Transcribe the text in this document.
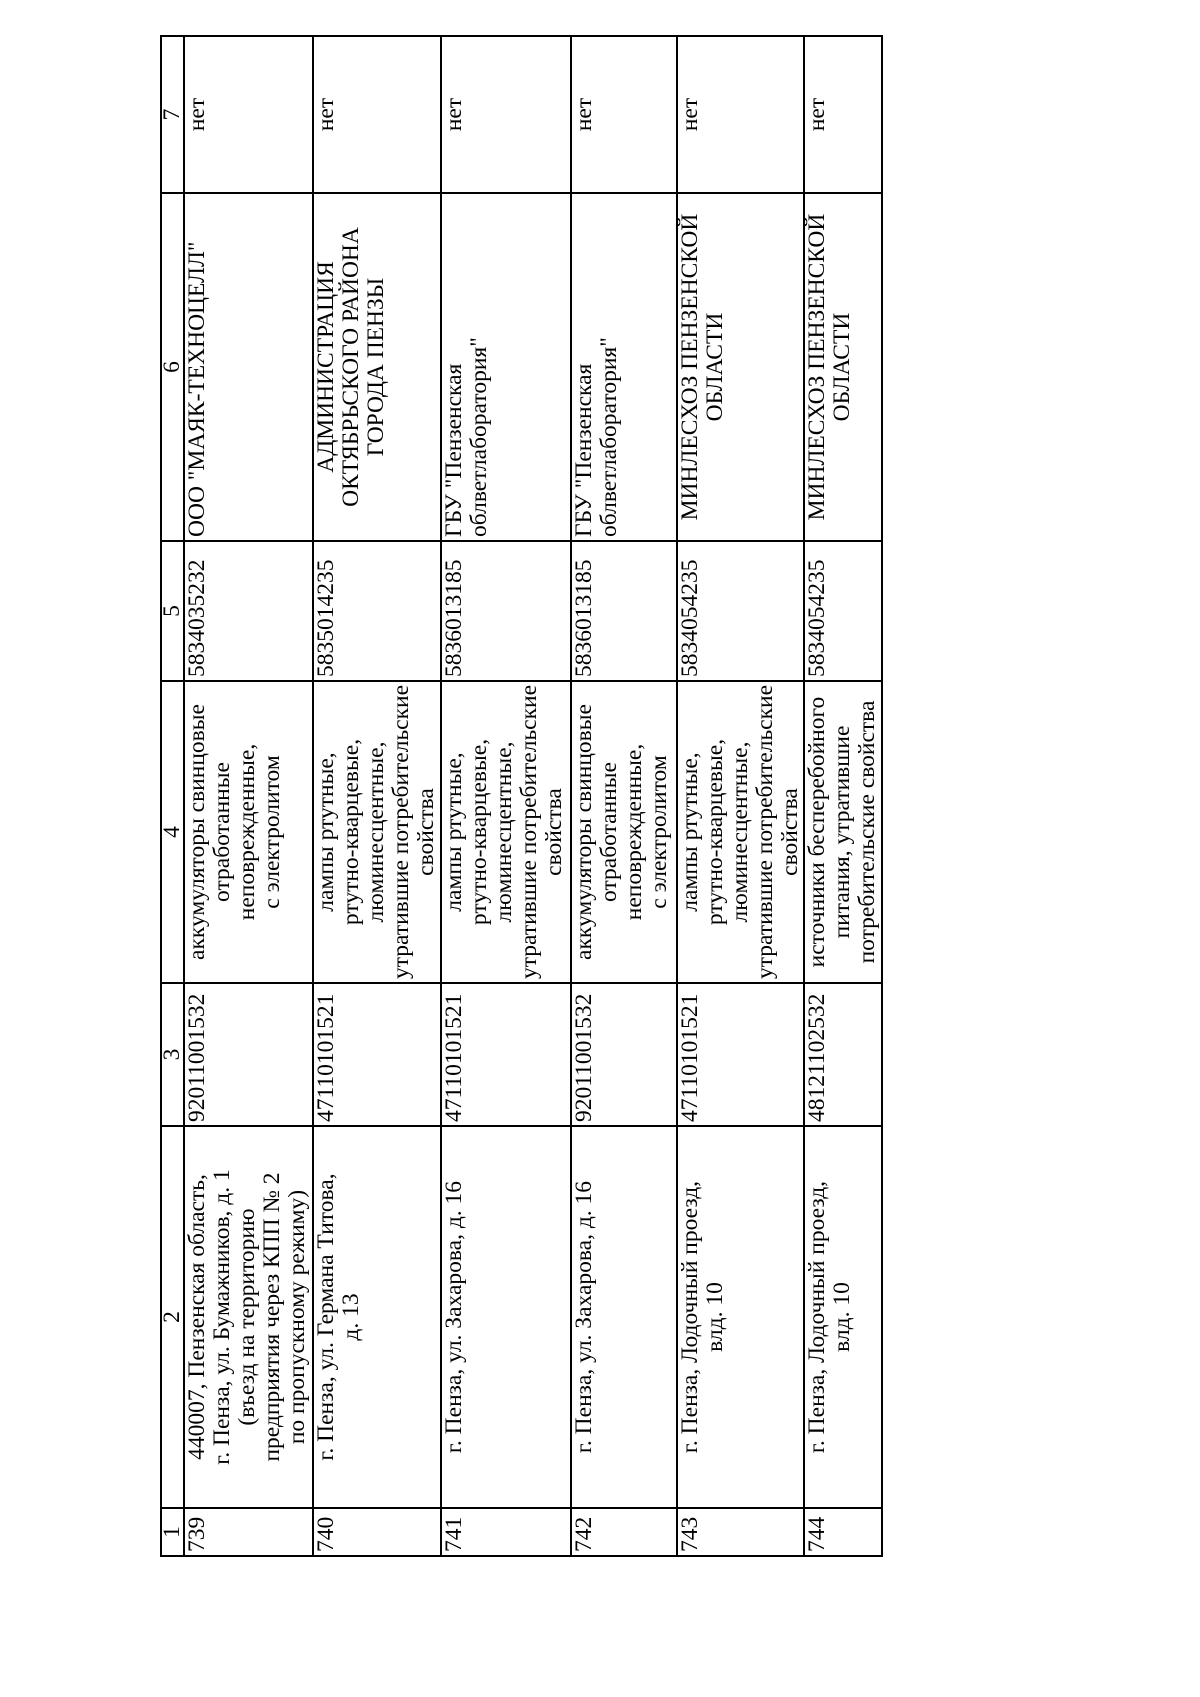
1
2
3
4
5
6
7
739
440007, Пензенская область,
г. Пенза, ул. Бумажников, д. 1
(въезд на территорию
предприятия через КПП № 2
по пропускному режиму)
92011001532
аккумуляторы свинцовые
отработанные
неповрежденные,
с электролитом
5834035232
ООО "МАЯК-ТЕХНОЦЕЛЛ"
нет
740
г. Пенза, ул. Германа Титова,
д. 13
47110101521
лампы ртутные,
ртутно-кварцевые,
люминесцентные,
утратившие потребительские
свойства
5835014235
АДМИНИСТРАЦИЯ
ОКТЯБРЬСКОГО РАЙОНА
ГОРОДА ПЕНЗЫ
нет
741
г. Пенза, ул. Захарова, д. 16
47110101521
лампы ртутные,
ртутно-кварцевые,
люминесцентные,
утратившие потребительские
свойства
5836013185
ГБУ "Пензенская
облветлаборатория"
нет
742
г. Пенза, ул. Захарова, д. 16
92011001532
аккумуляторы свинцовые
отработанные
неповрежденные,
с электролитом
5836013185
ГБУ "Пензенская
облветлаборатория"
нет
743
г. Пенза, Лодочный проезд,
влд. 10
47110101521
лампы ртутные,
ртутно-кварцевые,
люминесцентные,
утратившие потребительские
свойства
5834054235
МИНЛЕСХОЗ ПЕНЗЕНСКОЙ
ОБЛАСТИ
нет
744
г. Пенза, Лодочный проезд,
влд. 10
48121102532
источники бесперебойного
питания, утратившие
потребительские свойства
5834054235
МИНЛЕСХОЗ ПЕНЗЕНСКОЙ
ОБЛАСТИ
нет
